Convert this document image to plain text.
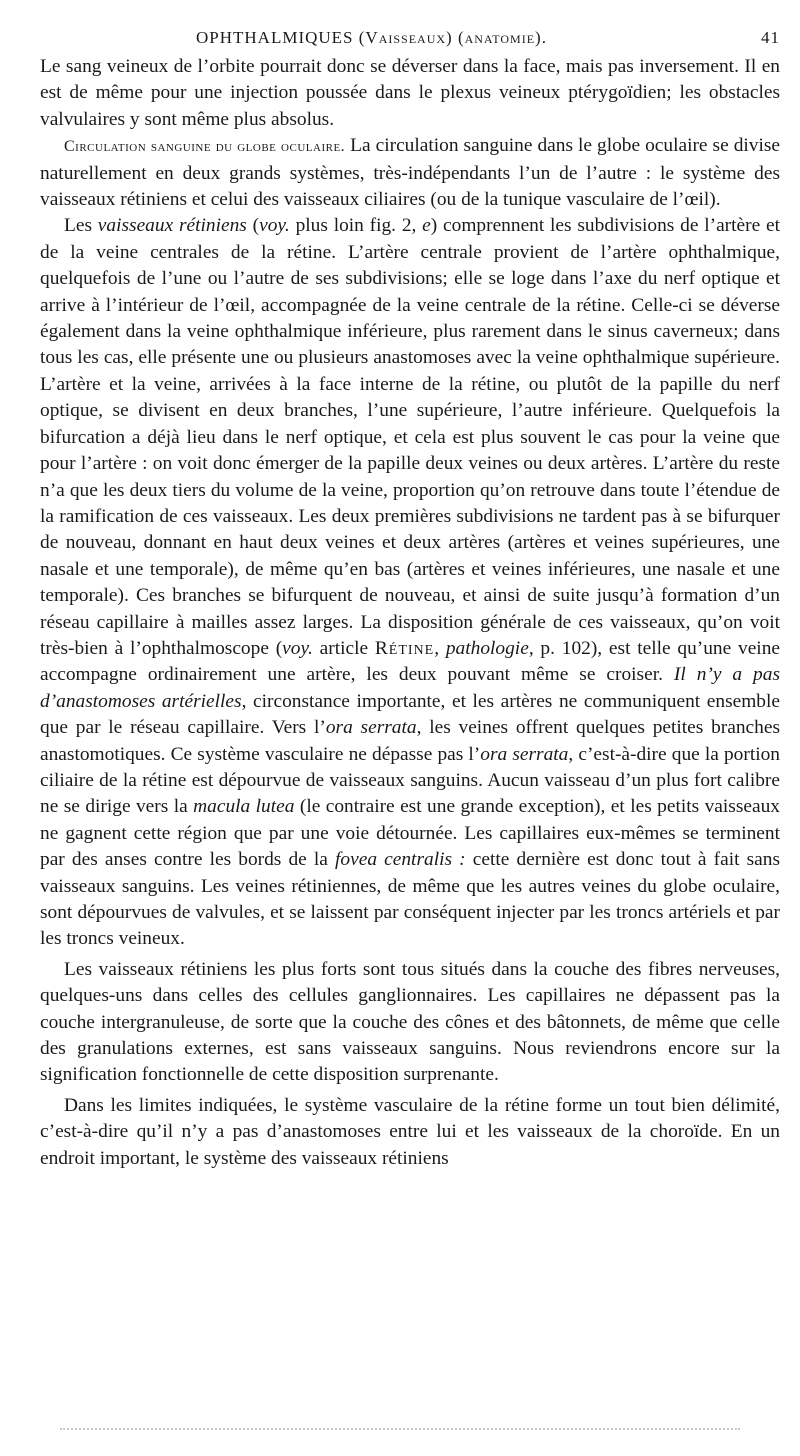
OPHTHALMIQUES (Vaisseaux) (anatomie).	41

Le sang veineux de l’orbite pourrait donc se déverser dans la face, mais pas inversement. Il en est de même pour une injection poussée dans le plexus veineux ptérygoïdien; les obstacles valvulaires y sont même plus absolus.

Circulation sanguine du globe oculaire. La circulation sanguine dans le globe oculaire se divise naturellement en deux grands systèmes, très-indépendants l’un de l’autre : le système des vaisseaux rétiniens et celui des vaisseaux ciliaires (ou de la tunique vasculaire de l’œil).

Les vaisseaux rétiniens (voy. plus loin fig. 2, e) comprennent les subdivisions de l’artère et de la veine centrales de la rétine. L’artère centrale provient de l’artère ophthalmique, quelquefois de l’une ou l’autre de ses subdivisions; elle se loge dans l’axe du nerf optique et arrive à l’intérieur de l’œil, accompagnée de la veine centrale de la rétine. Celle-ci se déverse également dans la veine ophthalmique inférieure, plus rarement dans le sinus caverneux; dans tous les cas, elle présente une ou plusieurs anastomoses avec la veine ophthalmique supérieure. L’artère et la veine, arrivées à la face interne de la rétine, ou plutôt de la papille du nerf optique, se divisent en deux branches, l’une supérieure, l’autre inférieure. Quelquefois la bifurcation a déjà lieu dans le nerf optique, et cela est plus souvent le cas pour la veine que pour l’artère : on voit donc émerger de la papille deux veines ou deux artères. L’artère du reste n’a que les deux tiers du volume de la veine, proportion qu’on retrouve dans toute l’étendue de la ramification de ces vaisseaux. Les deux premières subdivisions ne tardent pas à se bifurquer de nouveau, donnant en haut deux veines et deux artères (artères et veines supérieures, une nasale et une temporale), de même qu’en bas (artères et veines inférieures, une nasale et une temporale). Ces branches se bifurquent de nouveau, et ainsi de suite jusqu’à formation d’un réseau capillaire à mailles assez larges. La disposition générale de ces vaisseaux, qu’on voit très-bien à l’ophthalmoscope (voy. article Rétine, pathologie, p. 102), est telle qu’une veine accompagne ordinairement une artère, les deux pouvant même se croiser. Il n’y a pas d’anastomoses artérielles, circonstance importante, et les artères ne communiquent ensemble que par le réseau capillaire. Vers l’ora serrata, les veines offrent quelques petites branches anastomotiques. Ce système vasculaire ne dépasse pas l’ora serrata, c’est-à-dire que la portion ciliaire de la rétine est dépourvue de vaisseaux sanguins. Aucun vaisseau d’un plus fort calibre ne se dirige vers la macula lutea (le contraire est une grande exception), et les petits vaisseaux ne gagnent cette région que par une voie détournée. Les capillaires eux-mêmes se terminent par des anses contre les bords de la fovea centralis : cette dernière est donc tout à fait sans vaisseaux sanguins. Les veines rétiniennes, de même que les autres veines du globe oculaire, sont dépourvues de valvules, et se laissent par conséquent injecter par les troncs artériels et par les troncs veineux.

Les vaisseaux rétiniens les plus forts sont tous situés dans la couche des fibres nerveuses, quelques-uns dans celles des cellules ganglionnaires. Les capillaires ne dépassent pas la couche intergranuleuse, de sorte que la couche des cônes et des bâtonnets, de même que celle des granulations externes, est sans vaisseaux sanguins. Nous reviendrons encore sur la signification fonctionnelle de cette disposition surprenante.

Dans les limites indiquées, le système vasculaire de la rétine forme un tout bien délimité, c’est-à-dire qu’il n’y a pas d’anastomoses entre lui et les vaisseaux de la choroïde. En un endroit important, le système des vaisseaux rétiniens
